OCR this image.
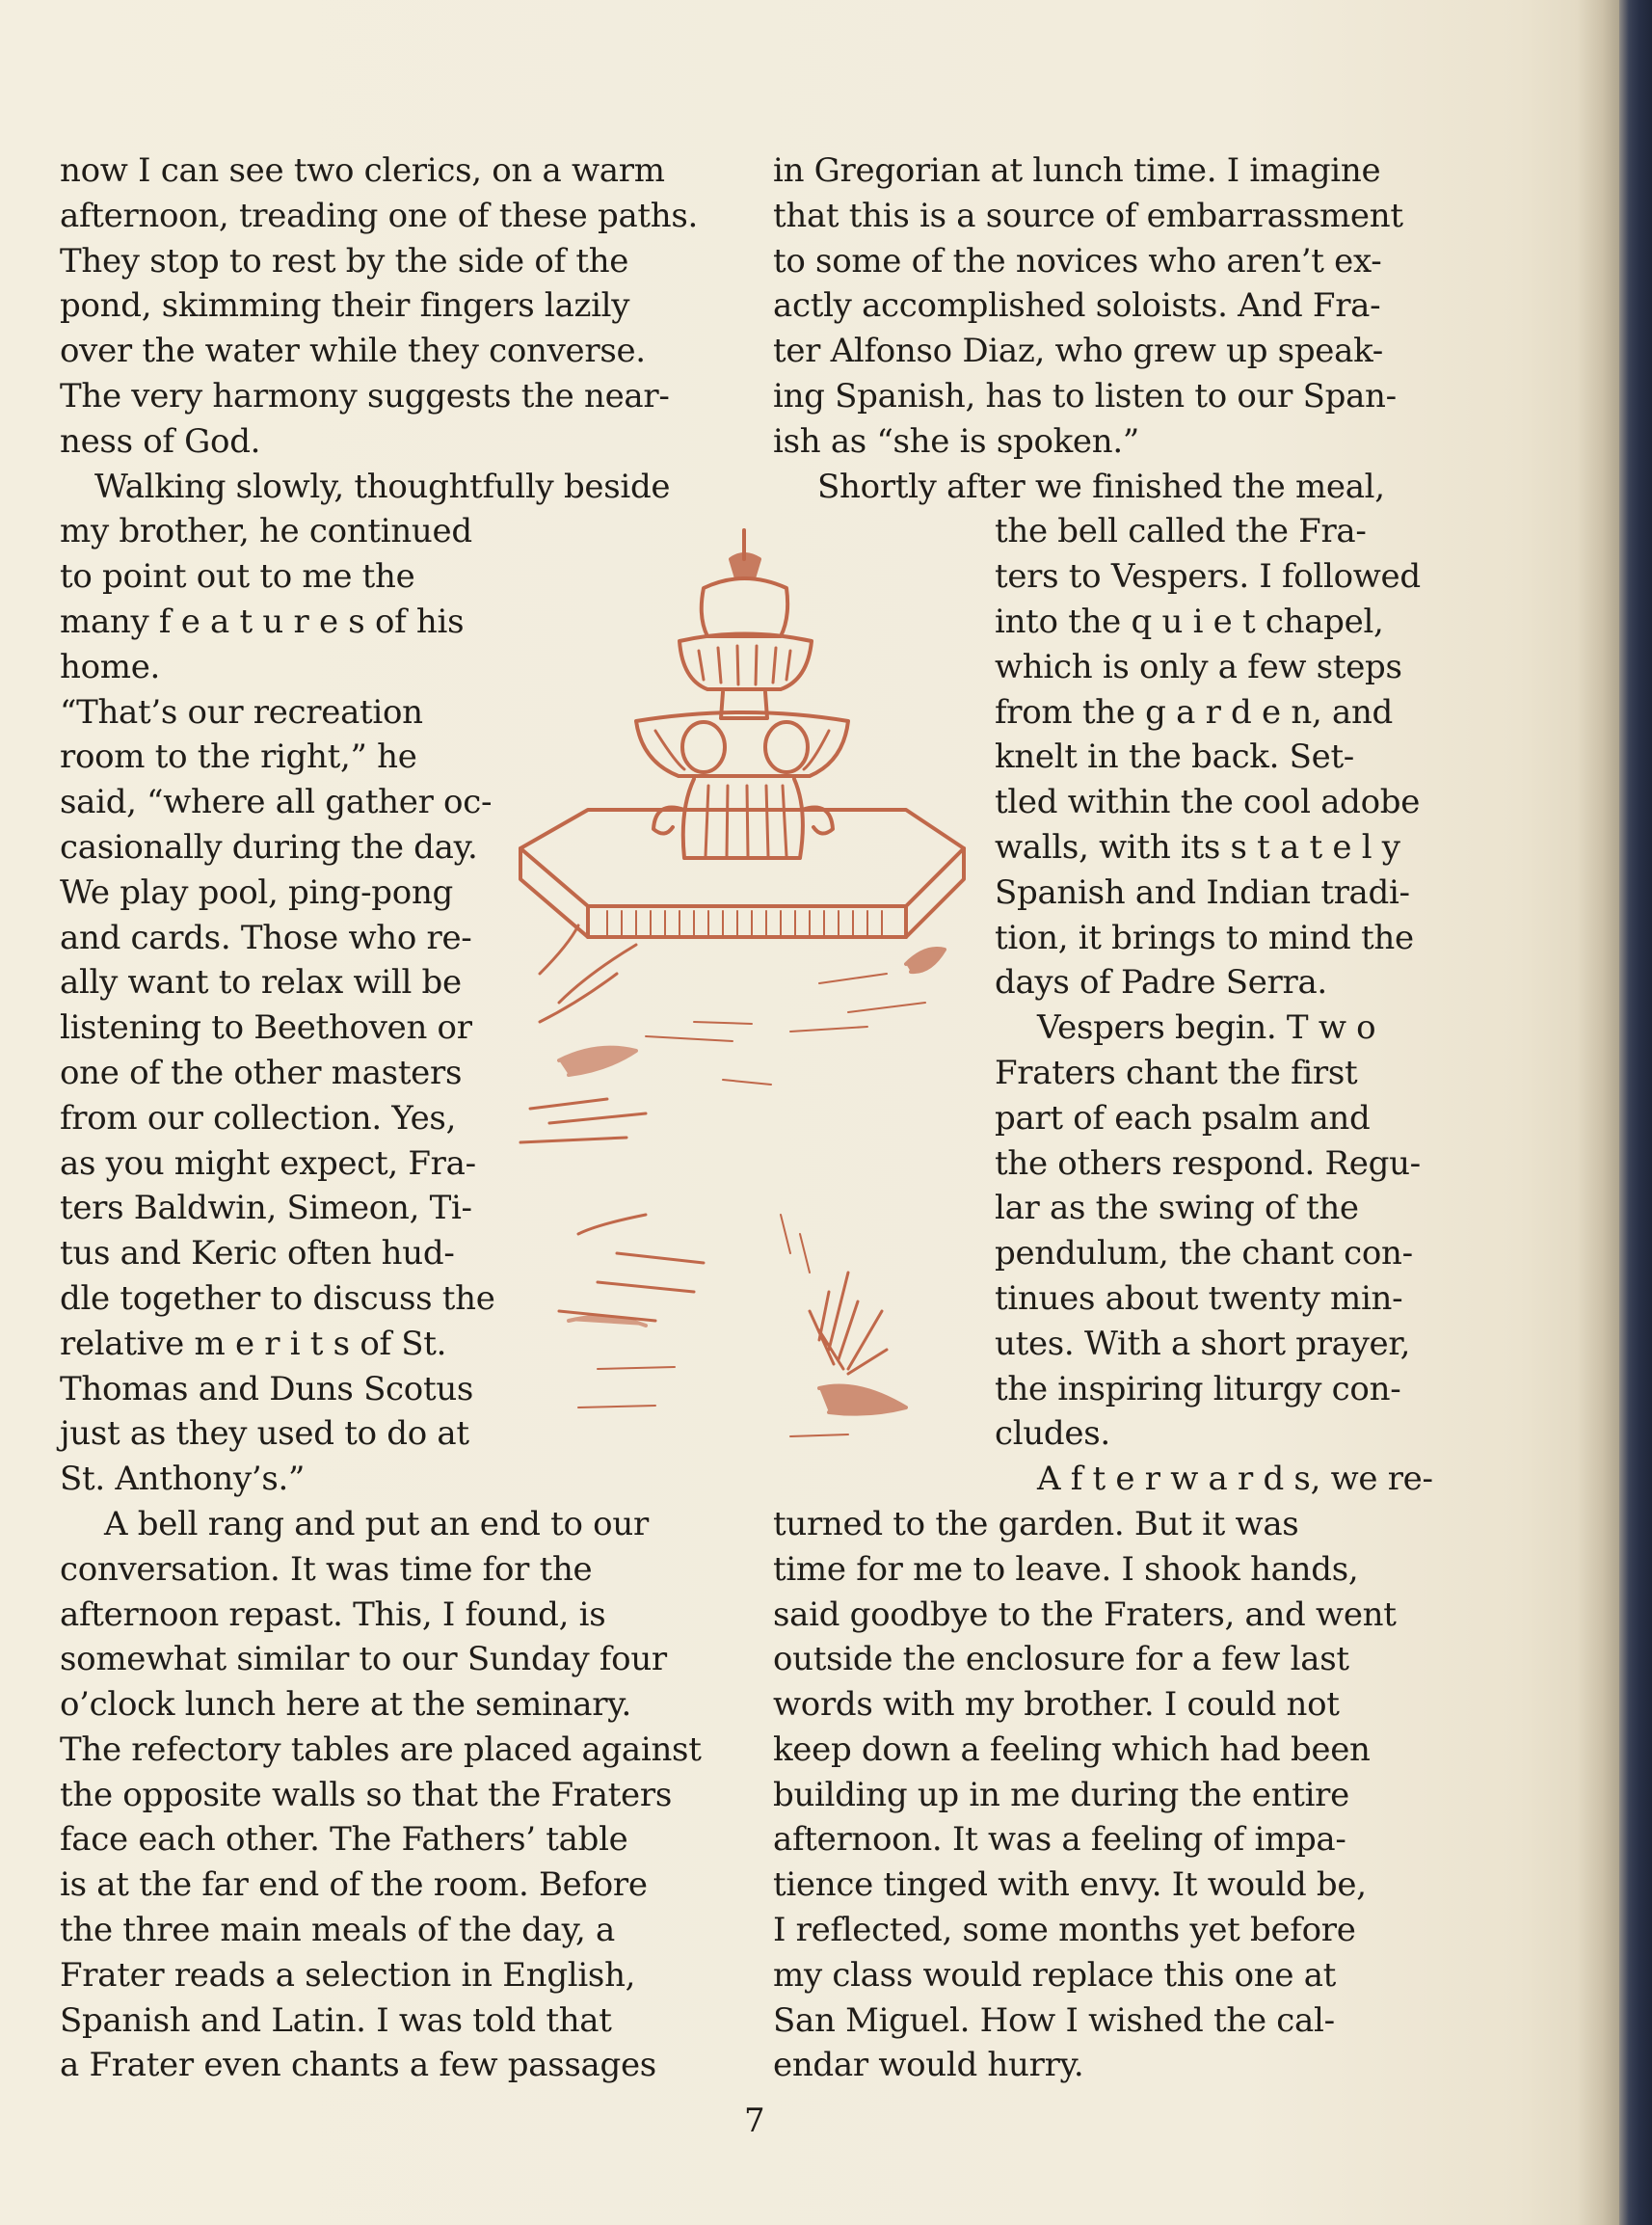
now I can see two clerics, on a warm
afternoon, treading one of these paths.
They stop to rest by the side of the
pond, skimming their fingers lazily
over the water while they converse.
The very harmony suggests the near-
ness of God.
Walking slowly, thoughtfully beside
my brother, he continued
to point out to me the
many f e a t u r e s of his
home.
“That’s our recreation
room to the right,” he
said, “where all gather oc-
casionally during the day.
We play pool, ping-pong
and cards. Those who re-
ally want to relax will be
listening to Beethoven or
one of the other masters
from our collection. Yes,
as you might expect, Fra-
ters Baldwin, Simeon, Ti-
tus and Keric often hud-
dle together to discuss the
relative m e r i t s of St.
Thomas and Duns Scotus
just as they used to do at
St. Anthony’s.”
A bell rang and put an end to our
conversation. It was time for the
afternoon repast. This, I found, is
somewhat similar to our Sunday four
o’clock lunch here at the seminary.
The refectory tables are placed against
the opposite walls so that the Fraters
face each other. The Fathers’ table
is at the far end of the room. Before
the three main meals of the day, a
Frater reads a selection in English,
Spanish and Latin. I was told that
a Frater even chants a few passages
in Gregorian at lunch time. I imagine
that this is a source of embarrassment
to some of the novices who aren’t ex-
actly accomplished soloists. And Fra-
ter Alfonso Diaz, who grew up speak-
ing Spanish, has to listen to our Span-
ish as “she is spoken.”
Shortly after we finished the meal,
the bell called the Fra-
ters to Vespers. I followed
into the q u i e t chapel,
which is only a few steps
from the g a r d e n, and
knelt in the back. Set-
tled within the cool adobe
walls, with its s t a t e l y
Spanish and Indian tradi-
tion, it brings to mind the
days of Padre Serra.
Vespers begin. T w o
Fraters chant the first
part of each psalm and
the others respond. Regu-
lar as the swing of the
pendulum, the chant con-
tinues about twenty min-
utes. With a short prayer,
the inspiring liturgy con-
cludes.
A f t e r w a r d s, we re-
turned to the garden. But it was
time for me to leave. I shook hands,
said goodbye to the Fraters, and went
outside the enclosure for a few last
words with my brother. I could not
keep down a feeling which had been
building up in me during the entire
afternoon. It was a feeling of impa-
tience tinged with envy. It would be,
I reflected, some months yet before
my class would replace this one at
San Miguel. How I wished the cal-
endar would hurry.
7
